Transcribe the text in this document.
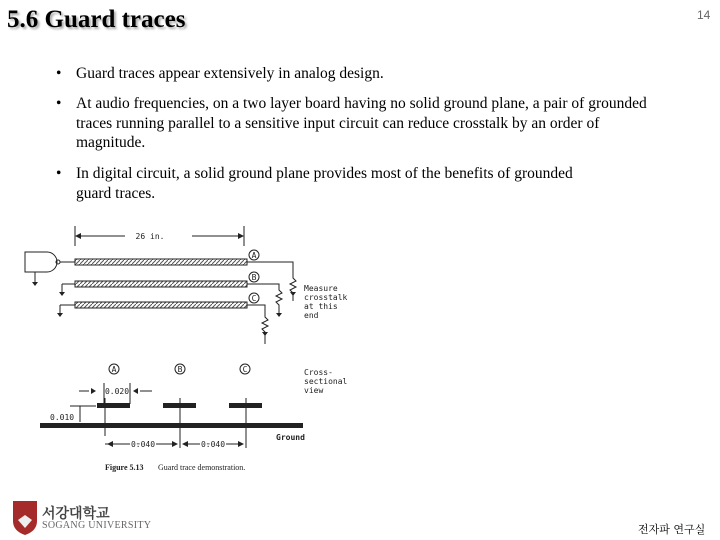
5.6 Guard traces	14
• Guard traces appear extensively in analog design.
• At audio frequencies, on a two layer board having no solid ground plane, a pair of grounded traces running parallel to a sensitive input circuit can reduce crosstalk by an order of magnitude.
• In digital circuit, a solid ground plane provides most of the benefits of grounded guard traces.
26 in.
A
B
C
Measure
crosstalk
at this
end
A	B	C	Cross-
sectional
view
0.020
0.010
0.040	0.040
Ground
Figure 5.13 Guard trace demonstration.
서강대학교
SOGANG UNIVERSITY	전자파 연구실
